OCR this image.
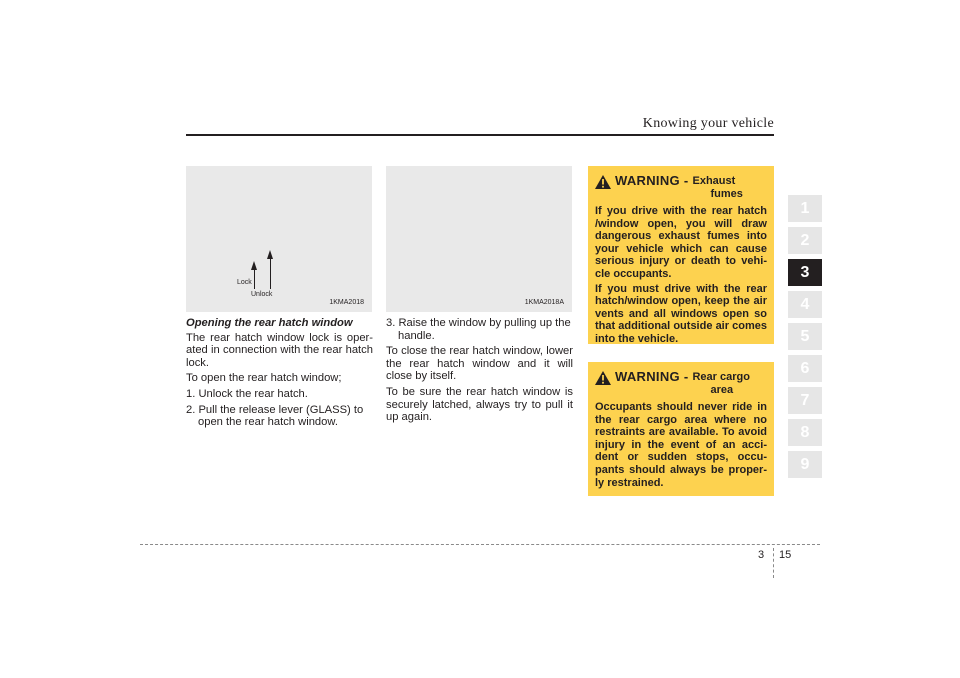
Knowing your vehicle
Lock
Unlock
1KMA2018	1KMA2018A

Opening the rear hatch window

The rear hatch window lock is oper-ated in connection with the rear hatch lock.

To open the rear hatch window;

1. Unlock the rear hatch.

2. Pull the release lever (GLASS) to open the rear hatch window.

3. Raise the window by pulling up the handle.

To close the rear hatch window, lower the rear hatch window and it will close by itself.

To be sure the rear hatch window is securely latched, always try to pull it up again.

WARNING - Exhaust
fumes

If you drive with the rear hatch /window open, you will draw dangerous exhaust fumes into your vehicle which can cause serious injury or death to vehi-cle occupants.

If you must drive with the rear hatch/window open, keep the air vents and all windows open so that additional outside air comes into the vehicle.

WARNING - Rear cargo
area

Occupants should never ride in the rear cargo area where no restraints are available. To avoid injury in the event of an acci-dent or sudden stops, occu-pants should always be proper-ly restrained.

1
2
3
4
5
6
7
8
9
3 15
